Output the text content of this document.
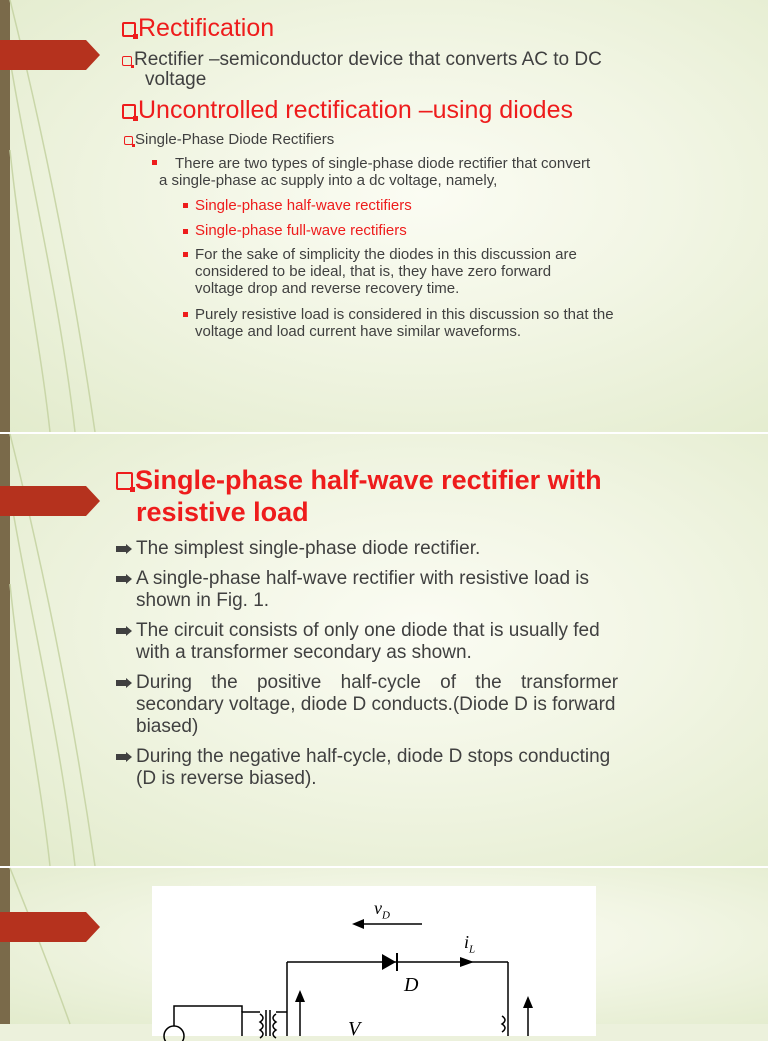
Rectification
Rectifier –semiconductor device that converts AC to DC
voltage
Uncontrolled rectification –using diodes
Single-Phase Diode Rectifiers
There are two types of single-phase diode rectifier that convert
a single-phase ac supply into a dc voltage, namely,
Single-phase half-wave rectifiers
Single-phase full-wave rectifiers
For the sake of simplicity the diodes in this discussion are
considered to be ideal, that is, they have zero forward
voltage drop and reverse recovery time.
Purely resistive load is considered in this discussion so that the
voltage and load current have similar waveforms.
Single-phase half-wave rectifier with
resistive load

The simplest single-phase diode rectifier.

A single-phase half-wave rectifier with resistive load is
shown in Fig. 1.

The circuit consists of only one diode that is usually fed
with a transformer secondary as shown.

During the positive half-cycle of the transformer
secondary voltage, diode D conducts.(Diode D is forward
biased)

During the negative half-cycle, diode D stops conducting
(D is reverse biased).

$v_D$
$i_L$
D
V
